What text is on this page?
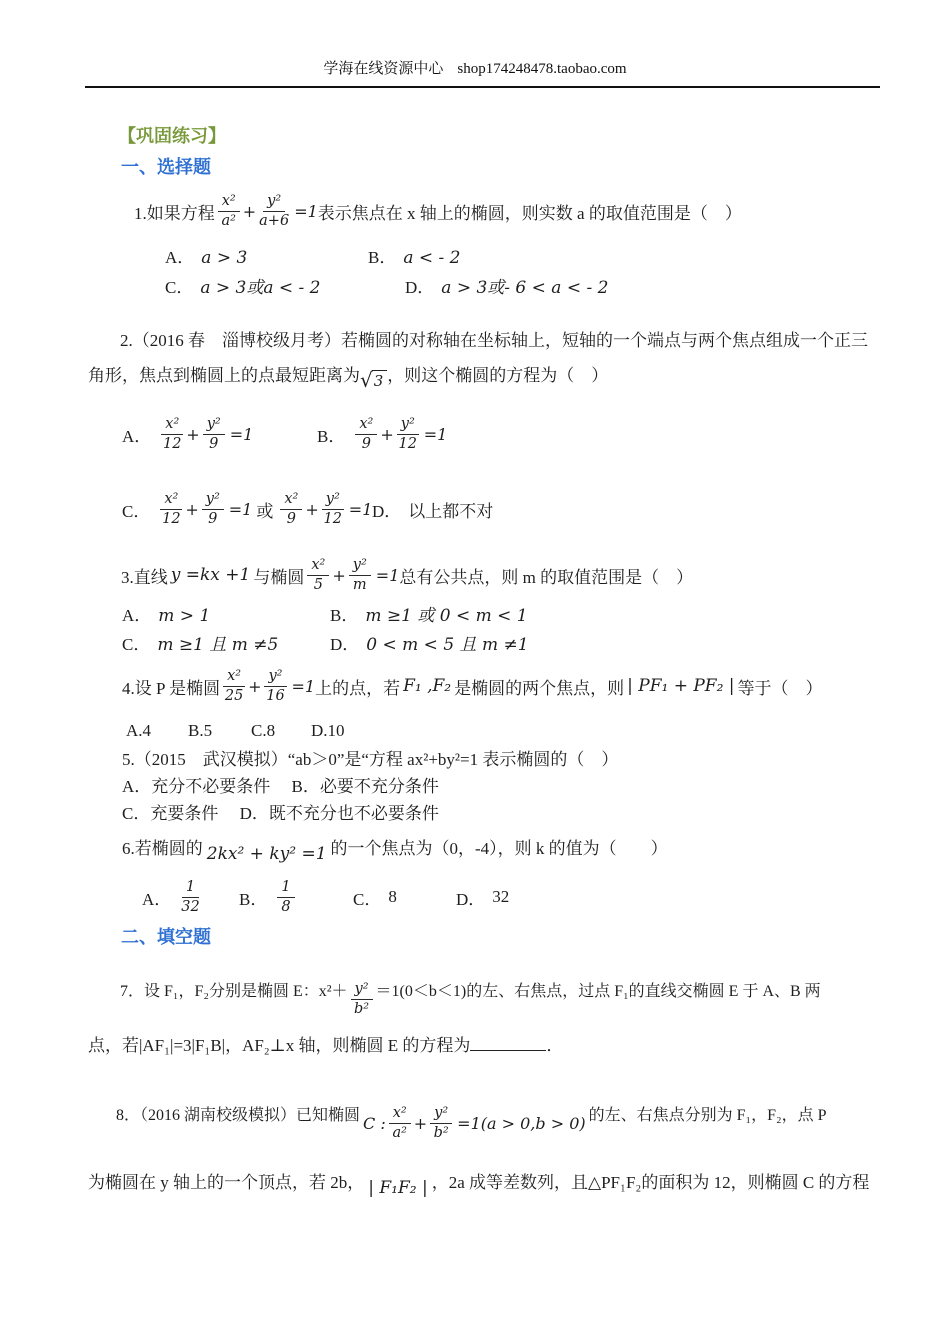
学海在线资源中心 shop174248478.taobao.com
【巩固练习】
一、选择题
1.如果方程 $\frac{\text{x²}}{\text{a²}} + \frac{\text{y²}}{a+6} =1$ 表示焦点在 x 轴上的椭圆，则实数 a 的取值范围是（　）
A． a > 3	B． a < - 2
C． a > 3或a < - 2	D． a > 3或- 6 < a < - 2
2.（2016 春　淄博校级月考）若椭圆的对称轴在坐标轴上，短轴的一个端点与两个焦点组成一个正三
角形，焦点到椭圆上的点最短距离为 √ 3 ，则这个椭圆的方程为（　）
A． $\frac{\text{x²}}{12} + \frac{\text{y²}}{9} =1$	B． $\frac{\text{x²}}{9} + \frac{\text{y²}}{12} =1$
C． $\frac{\text{x²}}{12} + \frac{\text{y²}}{9} =1$ 或 $\frac{\text{x²}}{9} + \frac{\text{y²}}{12} =1$ D． 以上都不对
3.直线 y =kx +1 与椭圆 $\frac{\text{x²}}{5} + \frac{\text{y²}}{m} =1$ 总有公共点，则 m 的取值范围是（　）
A． m > 1	B． m ≥1 或 0 < m < 1
C． m ≥1 且 m ≠5	D． 0 < m < 5 且 m ≠1
4.设 P 是椭圆 $\frac{\text{x²}}{25} + \frac{\text{y²}}{16} =1$ 上的点，若 F₁ ,F₂ 是椭圆的两个焦点，则 | PF₁ + PF₂ | 等于（　）
A.4 B.5 C.8 D.10
5.（2015　武汉模拟）“ab＞0”是“方程 ax²+by²=1 表示椭圆的（　）
A．充分不必要条件　 B．必要不充分条件
C．充要条件　 D．既不充分也不必要条件
6.若椭圆的 2kx² + ky² =1 的一个焦点为（0，-4），则 k 的值为（　　）
A． $\frac{1}{32}$ B． $\frac{1}{8}$	C． 8	D． 32
二、填空题
7．设 F₁，F₂分别是椭圆 E：$x^2+ \frac{\text{y²}}{\text{b²}} =1(0<b<1)$的左、右焦点，过点 F₁的直线交椭圆 E 于 A、B 两
点，若|AF₁|=3|F₁B|，AF₂⊥x 轴，则椭圆 E 的方程为	．
8．（2016 湖南校级模拟）已知椭圆 C : $\frac{\text{x²}}{\text{a²}} + \frac{\text{y²}}{\text{b²}} =1(a > 0,b > 0)$ 的左、右焦点分别为 F₁，F₂，点 P
为椭圆在 y 轴上的一个顶点，若 2b， | F₁F₂ | ，2a 成等差数列，且△PF₁F₂的面积为 12，则椭圆 C 的方程
